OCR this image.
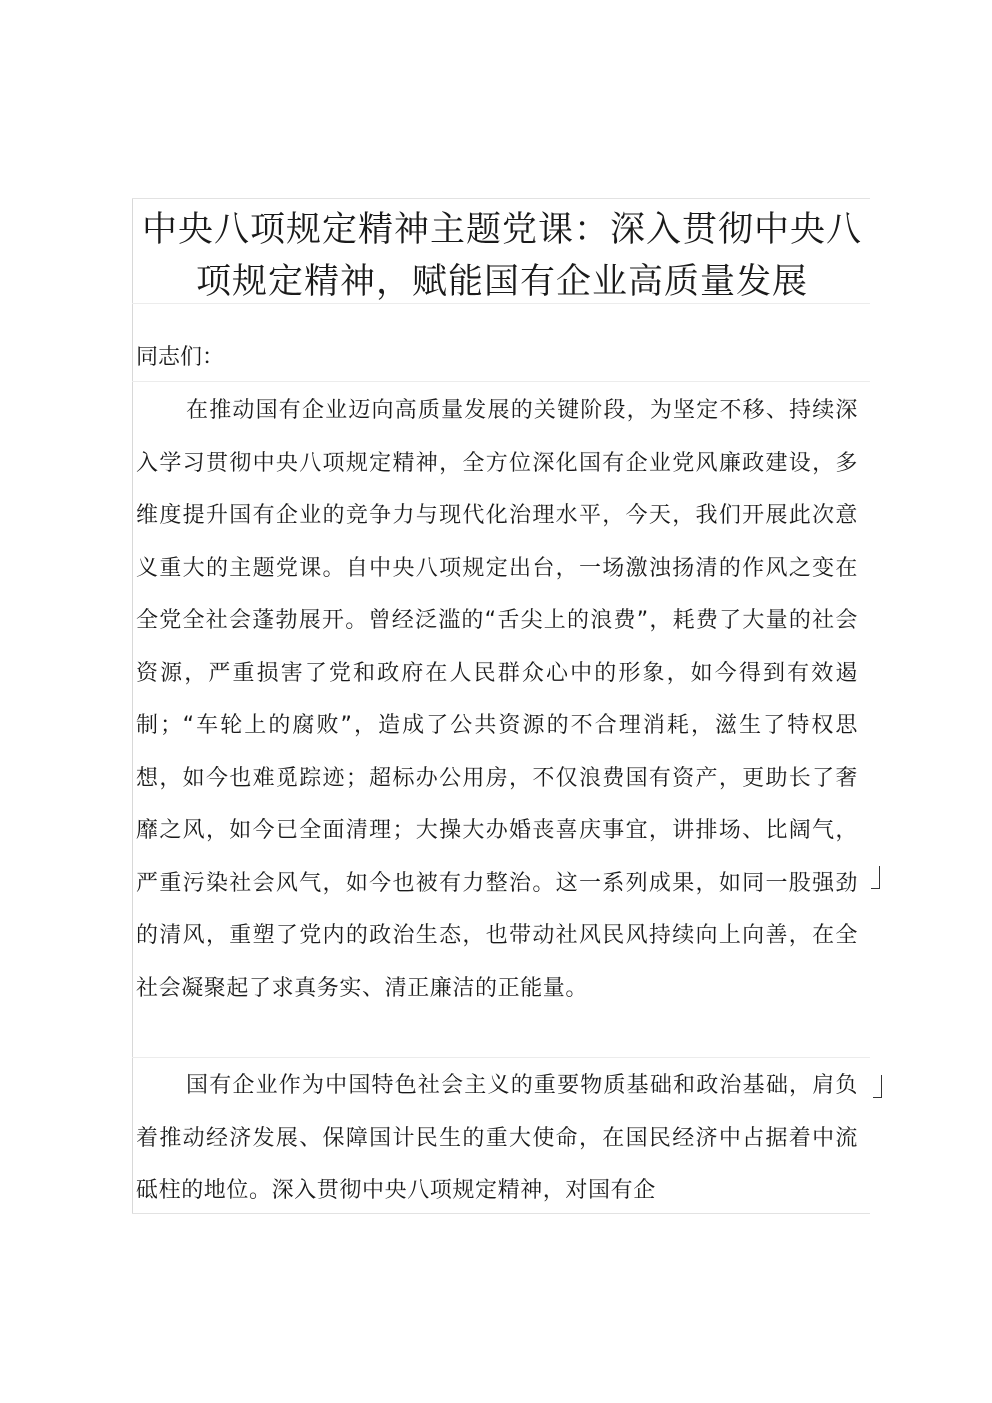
中央八项规定精神主题党课：深入贯彻中央八项规定精神，赋能国有企业高质量发展

同志们：

在推动国有企业迈向高质量发展的关键阶段，为坚定不移、持续深入学习贯彻中央八项规定精神，全方位深化国有企业党风廉政建设，多维度提升国有企业的竞争力与现代化治理水平，今天，我们开展此次意义重大的主题党课。自中央八项规定出台，一场激浊扬清的作风之变在全党全社会蓬勃展开。曾经泛滥的“舌尖上的浪费”，耗费了大量的社会资源，严重损害了党和政府在人民群众心中的形象，如今得到有效遏制；“车轮上的腐败”，造成了公共资源的不合理消耗，滋生了特权思想，如今也难觅踪迹；超标办公用房，不仅浪费国有资产，更助长了奢靡之风，如今已全面清理；大操大办婚丧喜庆事宜，讲排场、比阔气，严重污染社会风气，如今也被有力整治。这一系列成果，如同一股强劲的清风，重塑了党内的政治生态，也带动社风民风持续向上向善，在全社会凝聚起了求真务实、清正廉洁的正能量。

国有企业作为中国特色社会主义的重要物质基础和政治基础，肩负着推动经济发展、保障国计民生的重大使命，在国民经济中占据着中流砥柱的地位。深入贯彻中央八项规定精神，对国有企
